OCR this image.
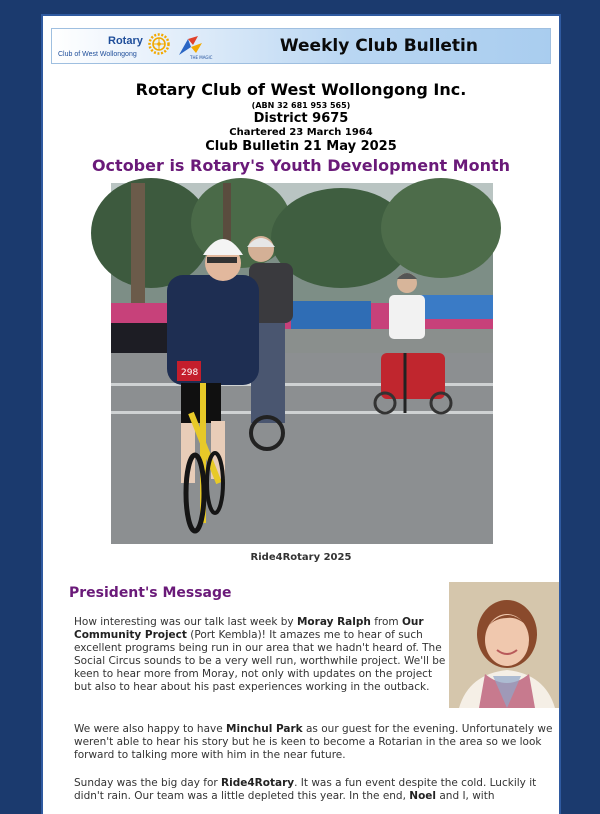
Rotary
Club of West Wollongong	THE MAGIC
Weekly Club Bulletin
Rotary Club of West Wollongong Inc.
(ABN 32 681 953 565)
District 9675
Chartered 23 March 1964
Club Bulletin 21 May 2025
October is Rotary's Youth Development Month
298
Ride4Rotary 2025
President's Message
How interesting was our talk last week by Moray Ralph from Our Community Project (Port Kembla)! It amazes me to hear of such excellent programs being run in our area that we hadn't heard of. The Social Circus sounds to be a very well run, worthwhile project. We'll be keen to hear more from Moray, not only with updates on the project but also to hear about his past experiences working in the outback.
We were also happy to have Minchul Park as our guest for the evening. Unfortunately we weren't able to hear his story but he is keen to become a Rotarian in the area so we look forward to talking more with him in the near future.
Sunday was the big day for Ride4Rotary. It was a fun event despite the cold. Luckily it didn't rain. Our team was a little depleted this year. In the end, Noel and I, with
